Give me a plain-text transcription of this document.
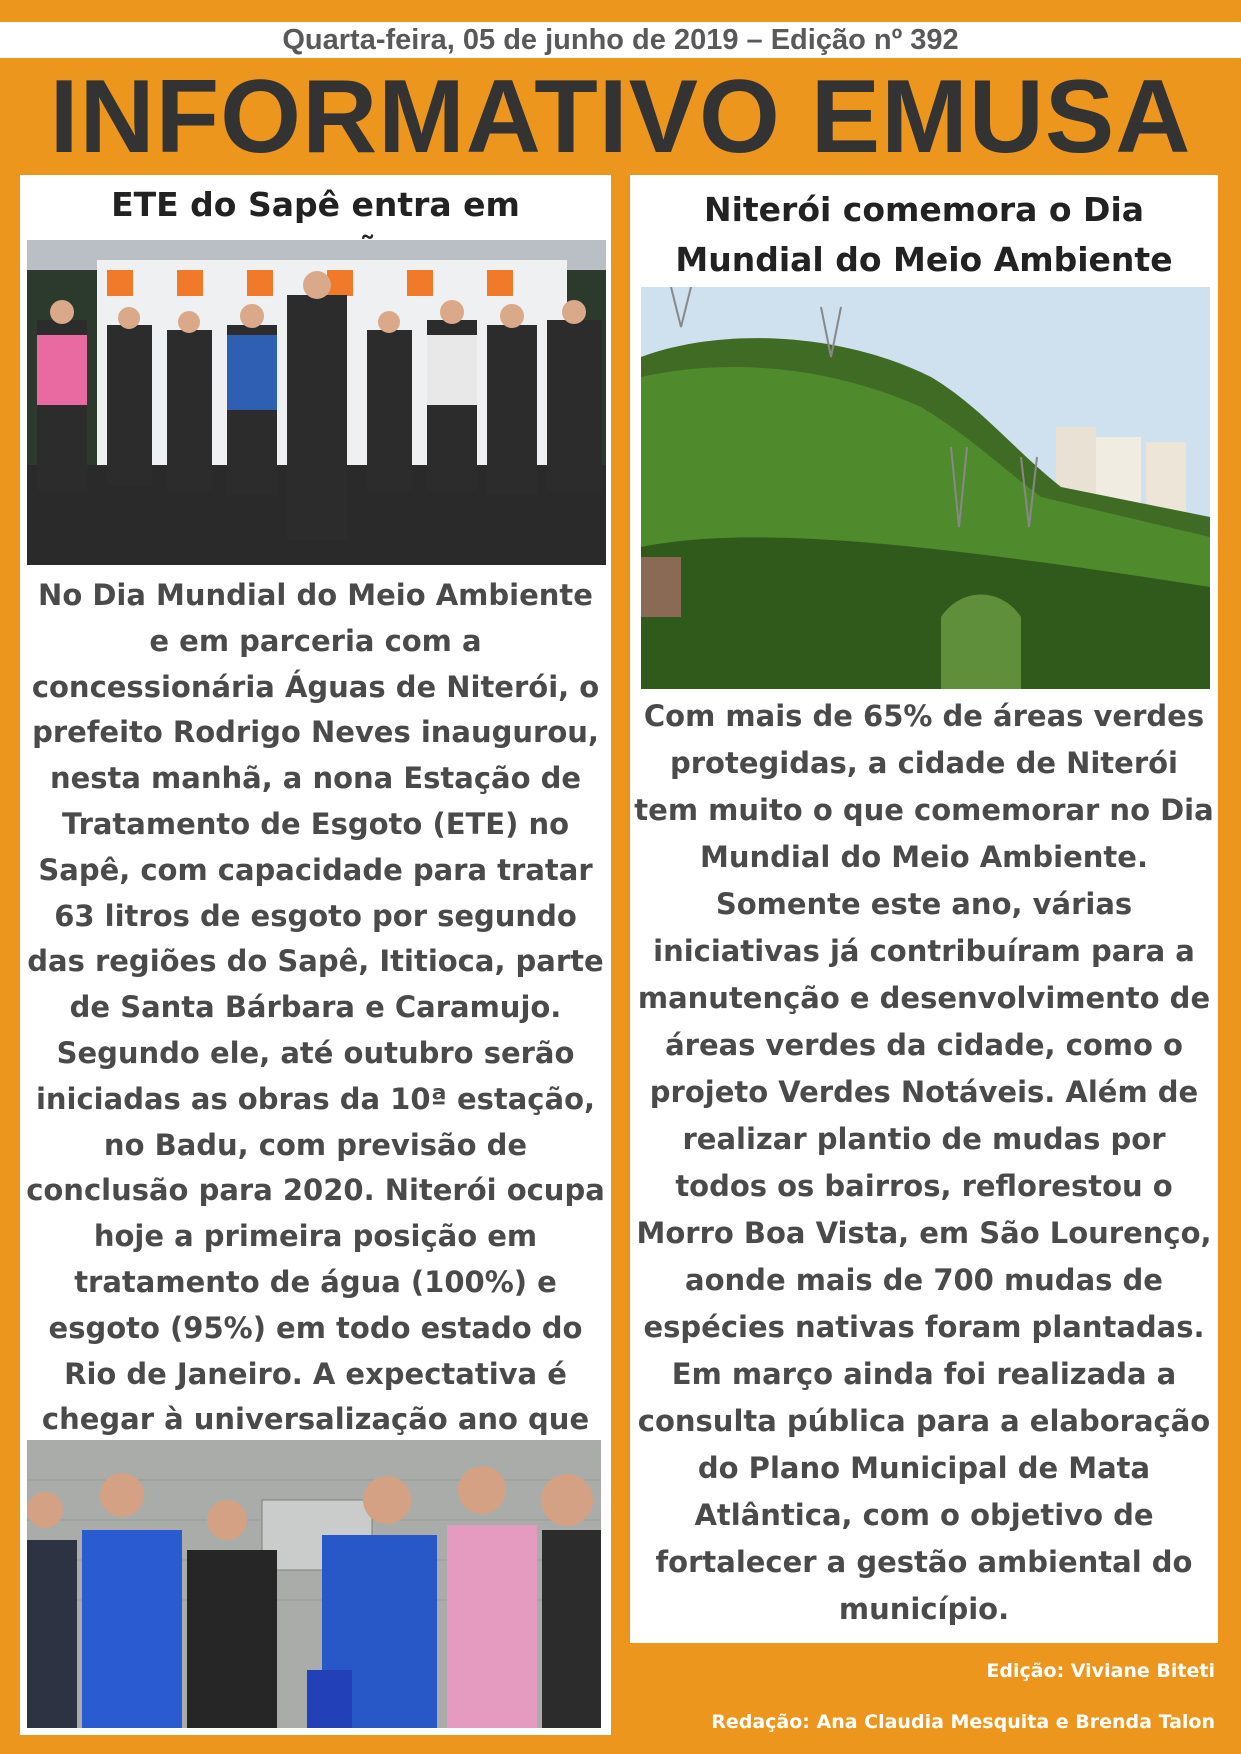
Quarta-feira, 05 de junho de 2019 – Edição nº 392
INFORMATIVO EMUSA
ETE do Sapê entra em
No Dia Mundial do Meio Ambiente e em parceria com a concessionária Águas de Niterói, o prefeito Rodrigo Neves inaugurou, nesta manhã, a nona Estação de Tratamento de Esgoto (ETE) no Sapê, com capacidade para tratar 63 litros de esgoto por segundo das regiões do Sapê, Ititioca, parte de Santa Bárbara e Caramujo. Segundo ele, até outubro serão iniciadas as obras da 10ª estação, no Badu, com previsão de conclusão para 2020. Niterói ocupa hoje a primeira posição em tratamento de água (100%) e esgoto (95%) em todo estado do Rio de Janeiro. A expectativa é chegar à universalização ano que
Niterói comemora o Dia Mundial do Meio Ambiente
Com mais de 65% de áreas verdes protegidas, a cidade de Niterói tem muito o que comemorar no Dia Mundial do Meio Ambiente. Somente este ano, várias iniciativas já contribuíram para a manutenção e desenvolvimento de áreas verdes da cidade, como o projeto Verdes Notáveis. Além de realizar plantio de mudas por todos os bairros, reflorestou o Morro Boa Vista, em São Lourenço, aonde mais de 700 mudas de espécies nativas foram plantadas. Em março ainda foi realizada a consulta pública para a elaboração do Plano Municipal de Mata Atlântica, com o objetivo de fortalecer a gestão ambiental do município.
Edição: Viviane Biteti
Redação: Ana Claudia Mesquita e Brenda Talon
